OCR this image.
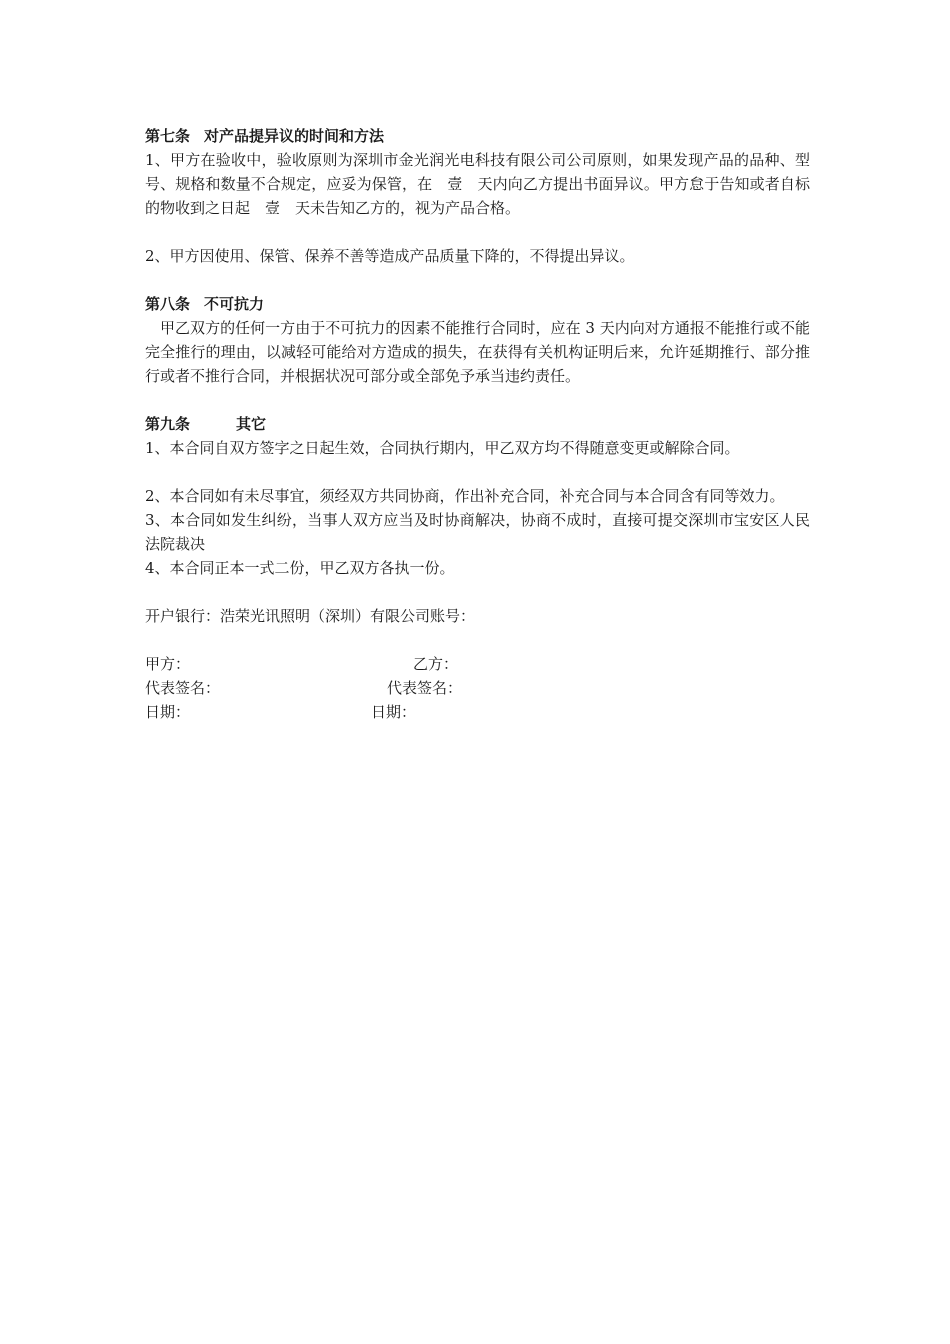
第七条 对产品提异议的时间和方法

1、甲方在验收中，验收原则为深圳市金光润光电科技有限公司公司原则，如果发现产品的品种、型号、规格和数量不合规定，应妥为保管，在　壹　天内向乙方提出书面异议。甲方怠于告知或者自标的物收到之日起　壹　天未告知乙方的，视为产品合格。

2、甲方因使用、保管、保养不善等造成产品质量下降的，不得提出异议。

第八条 不可抗力

甲乙双方的任何一方由于不可抗力的因素不能推行合同时，应在 3 天内向对方通报不能推行或不能完全推行的理由，以减轻可能给对方造成的损失，在获得有关机构证明后来，允许延期推行、部分推行或者不推行合同，并根据状况可部分或全部免予承当违约责任。

第九条	其它

1、本合同自双方签字之日起生效，合同执行期内，甲乙双方均不得随意变更或解除合同。

2、本合同如有未尽事宜，须经双方共同协商，作出补充合同，补充合同与本合同含有同等效力。

3、本合同如发生纠纷，当事人双方应当及时协商解决，协商不成时，直接可提交深圳市宝安区人民法院裁决

4、本合同正本一式二份，甲乙双方各执一份。

开户银行：浩荣光讯照明（深圳）有限公司账号：

甲方：	乙方：
代表签名：	代表签名：
日期：	日期：
